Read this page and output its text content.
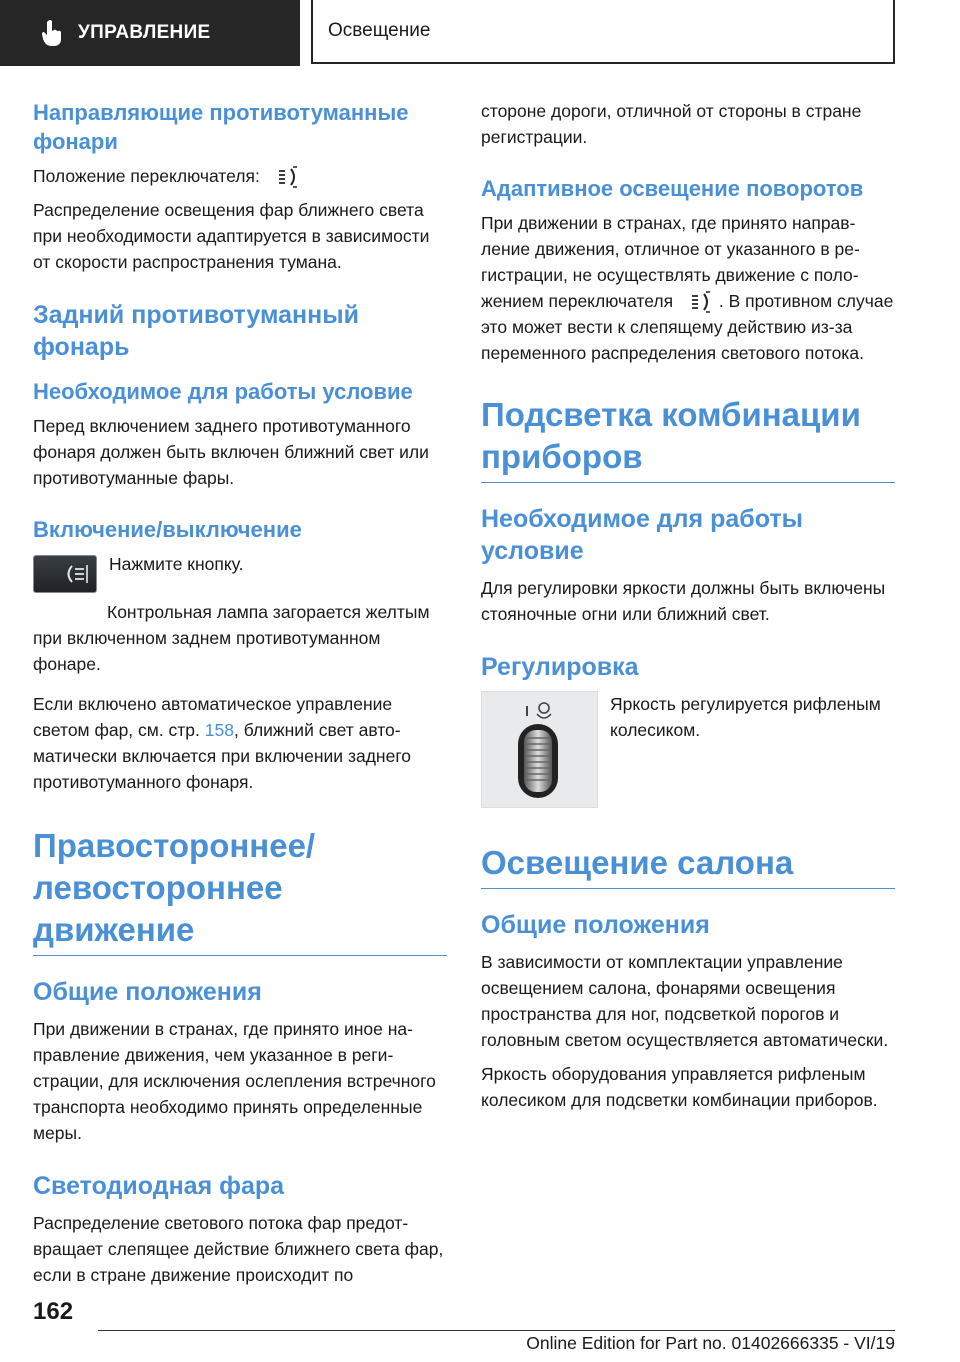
УПРАВЛЕНИЕ	Освещение
Направляющие противотуманные фонари

Положение переключателя:

Распределение освещения фар ближнего света при необходимости адаптируется в зависимости от скорости распространения тумана.

Задний противотуманный фонарь
Необходимое для работы условие

Перед включением заднего противотуманного фонаря должен быть включен ближний свет или противотуманные фары.

Включение/выключение

Нажмите кнопку.

Контрольная лампа загорается желтым при включенном заднем противотуманном фонаре.

Если включено автоматическое управление светом фар, см. стр. 158, ближний свет автоматически включается при включении заднего противотуманного фонаря.

Правостороннее/ левостороннее движение
Общие положения

При движении в странах, где принято иное направление движения, чем указанное в регистрации, для исключения ослепления встречного транспорта необходимо принять определенные меры.

Светодиодная фара

Распределение светового потока фар предотвращает слепящее действие ближнего света фар, если в стране движение происходит по

стороне дороги, отличной от стороны в стране регистрации.

Адаптивное освещение поворотов

При движении в странах, где принято направление движения, отличное от указанного в регистрации, не осуществлять движение с положением переключателя	. В противном случае это может вести к слепящему действию из-за переменного распределения светового потока.

Подсветка комбинации приборов
Необходимое для работы условие

Для регулировки яркости должны быть включены стояночные огни или ближний свет.

Регулировка

Яркость регулируется рифленым колесиком.

Освещение салона
Общие положения

В зависимости от комплектации управление освещением салона, фонарями освещения пространства для ног, подсветкой порогов и головным светом осуществляется автоматически.

Яркость оборудования управляется рифленым колесиком для подсветки комбинации приборов.

162
Online Edition for Part no. 01402666335 - VI/19
